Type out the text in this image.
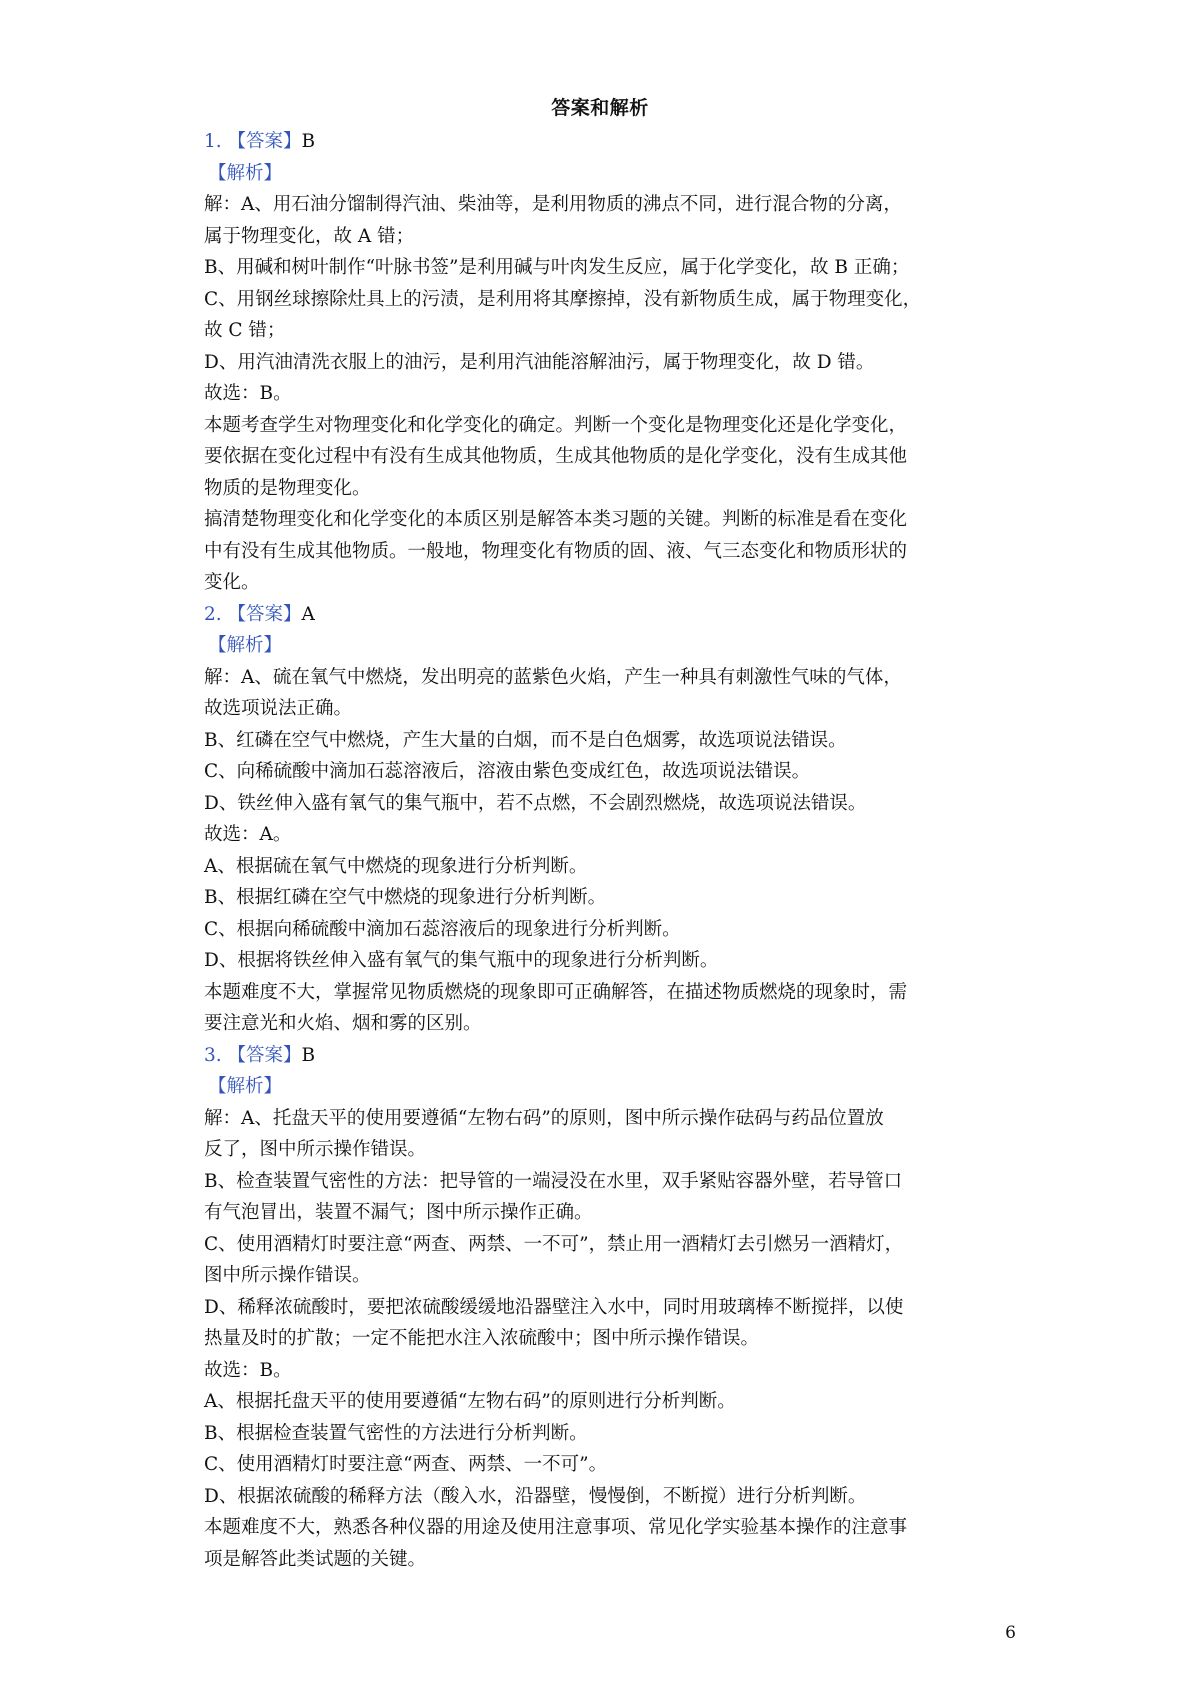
答案和解析
1. 【答案】B
【解析】
解：A、用石油分馏制得汽油、柴油等，是利用物质的沸点不同，进行混合物的分离，
属于物理变化，故 A 错；
B、用碱和树叶制作“叶脉书签”是利用碱与叶肉发生反应，属于化学变化，故 B 正确；
C、用钢丝球擦除灶具上的污渍，是利用将其摩擦掉，没有新物质生成，属于物理变化，
故 C 错；
D、用汽油清洗衣服上的油污，是利用汽油能溶解油污，属于物理变化，故 D 错。
故选：B。
本题考查学生对物理变化和化学变化的确定。判断一个变化是物理变化还是化学变化，
要依据在变化过程中有没有生成其他物质，生成其他物质的是化学变化，没有生成其他
物质的是物理变化。
搞清楚物理变化和化学变化的本质区别是解答本类习题的关键。判断的标准是看在变化
中有没有生成其他物质。一般地，物理变化有物质的固、液、气三态变化和物质形状的
变化。
2. 【答案】A
【解析】
解：A、硫在氧气中燃烧，发出明亮的蓝紫色火焰，产生一种具有刺激性气味的气体，
故选项说法正确。
B、红磷在空气中燃烧，产生大量的白烟，而不是白色烟雾，故选项说法错误。
C、向稀硫酸中滴加石蕊溶液后，溶液由紫色变成红色，故选项说法错误。
D、铁丝伸入盛有氧气的集气瓶中，若不点燃，不会剧烈燃烧，故选项说法错误。
故选：A。
A、根据硫在氧气中燃烧的现象进行分析判断。
B、根据红磷在空气中燃烧的现象进行分析判断。
C、根据向稀硫酸中滴加石蕊溶液后的现象进行分析判断。
D、根据将铁丝伸入盛有氧气的集气瓶中的现象进行分析判断。
本题难度不大，掌握常见物质燃烧的现象即可正确解答，在描述物质燃烧的现象时，需
要注意光和火焰、烟和雾的区别。
3. 【答案】B
【解析】
解：A、托盘天平的使用要遵循“左物右码”的原则，图中所示操作砝码与药品位置放
反了，图中所示操作错误。
B、检查装置气密性的方法：把导管的一端浸没在水里，双手紧贴容器外壁，若导管口
有气泡冒出，装置不漏气；图中所示操作正确。
C、使用酒精灯时要注意“两查、两禁、一不可”，禁止用一酒精灯去引燃另一酒精灯，
图中所示操作错误。
D、稀释浓硫酸时，要把浓硫酸缓缓地沿器壁注入水中，同时用玻璃棒不断搅拌，以使
热量及时的扩散；一定不能把水注入浓硫酸中；图中所示操作错误。
故选：B。
A、根据托盘天平的使用要遵循“左物右码”的原则进行分析判断。
B、根据检查装置气密性的方法进行分析判断。
C、使用酒精灯时要注意“两查、两禁、一不可”。
D、根据浓硫酸的稀释方法（酸入水，沿器壁，慢慢倒，不断搅）进行分析判断。
本题难度不大，熟悉各种仪器的用途及使用注意事项、常见化学实验基本操作的注意事
项是解答此类试题的关键。
6
